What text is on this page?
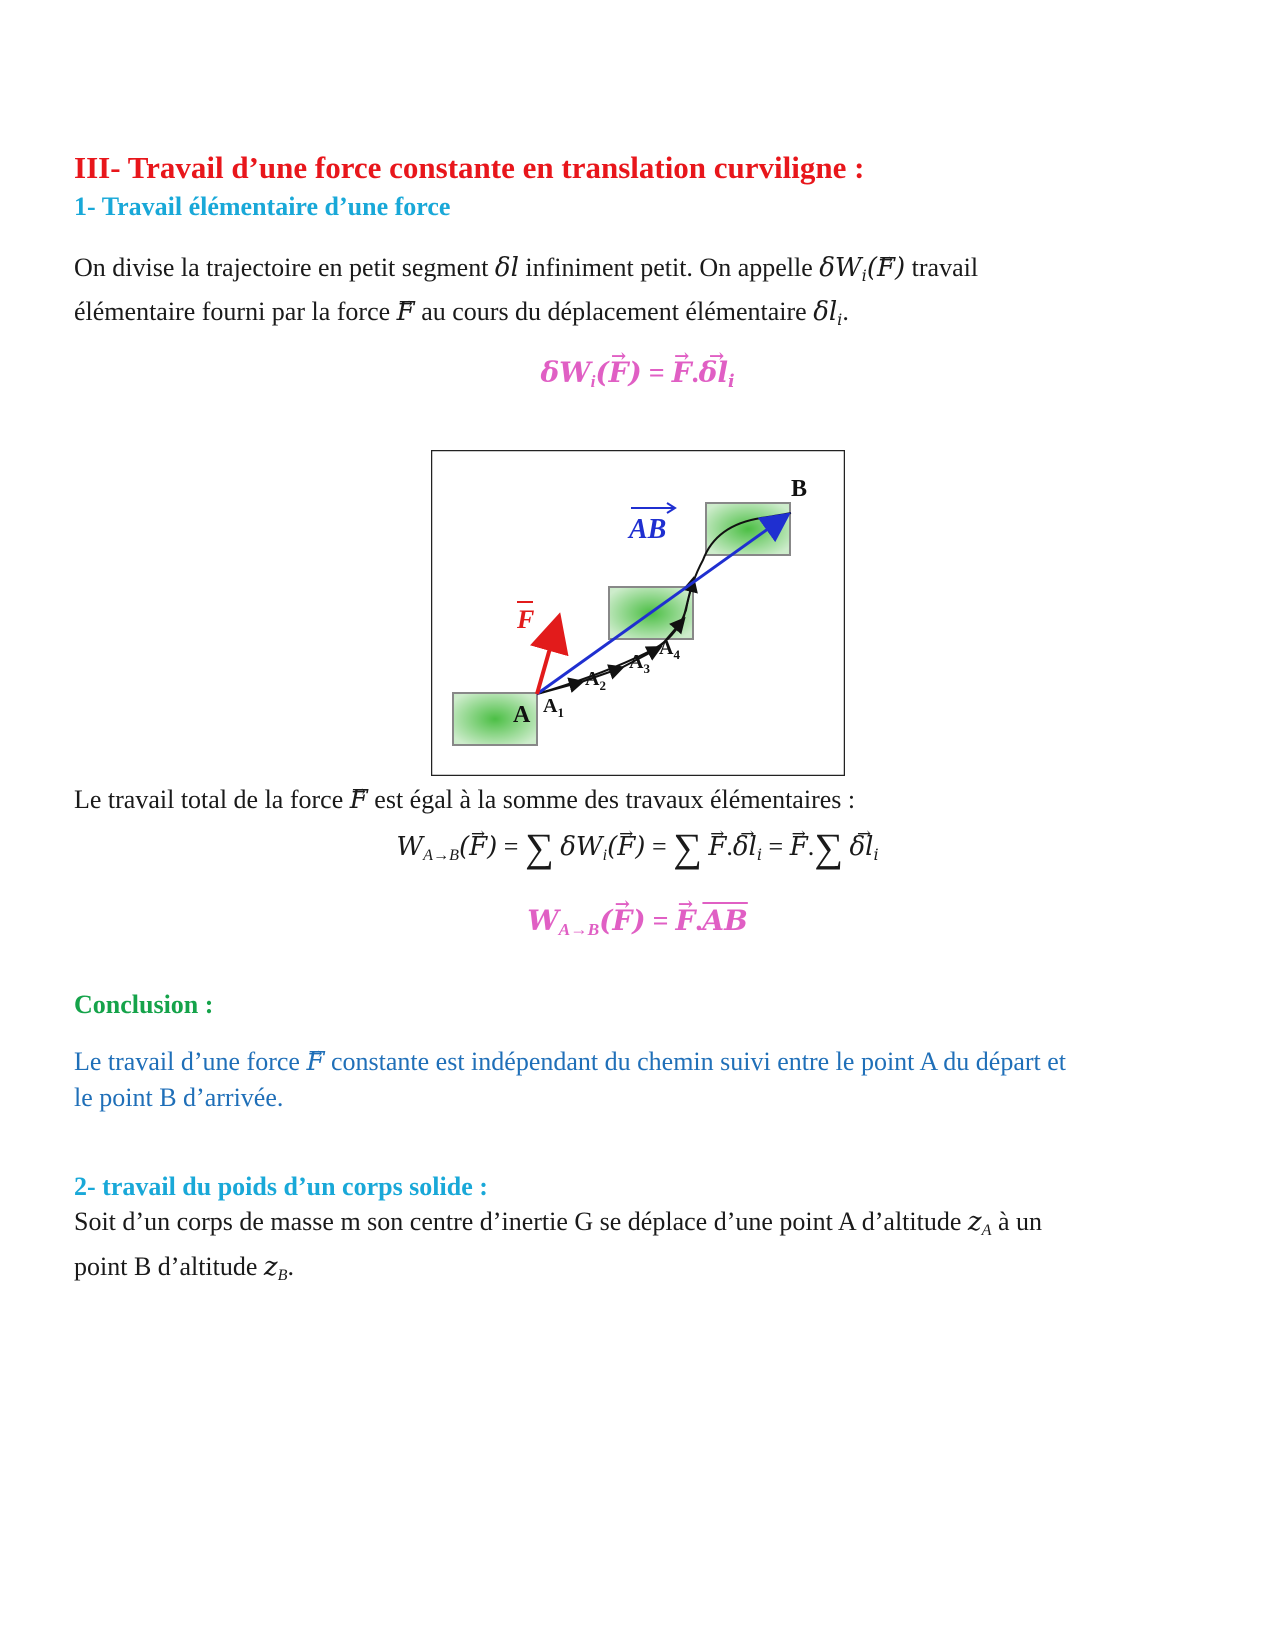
III- Travail d’une force constante en translation curviligne :
1- Travail élémentaire d’une force
On divise la trajectoire en petit segment δl infiniment petit. On appelle $\delta W_i(\to F)$ travail
élémentaire fourni par la force → F au cours du déplacement élémentaire $\delta l_i$.
$\delta W_i(\to F)$ = → $F.\to \delta l_i$
B
A
AB
F
$A_1$
$A_2$
$A_3$
$A_4$
Le travail total de la force → F est égal à la somme des travaux élémentaires :
$W_{A\to B}(\to F)$ = ∑ $\delta W_i(\to F)$ = ∑ → $F.\to \delta l_i$ = → $F.\sum \to \delta l_i$
$W_{A\to B}(\to F)$ = → $F.\overline{AB}$
Conclusion :
Le travail d’une force → F constante est indépendant du chemin suivi entre le point A du départ et
le point B d’arrivée.
2- travail du poids d’un corps solide :
Soit d’un corps de masse m son centre d’inertie G se déplace d’une point A d’altitude $z_A$ à un
point B d’altitude $z_B$.
